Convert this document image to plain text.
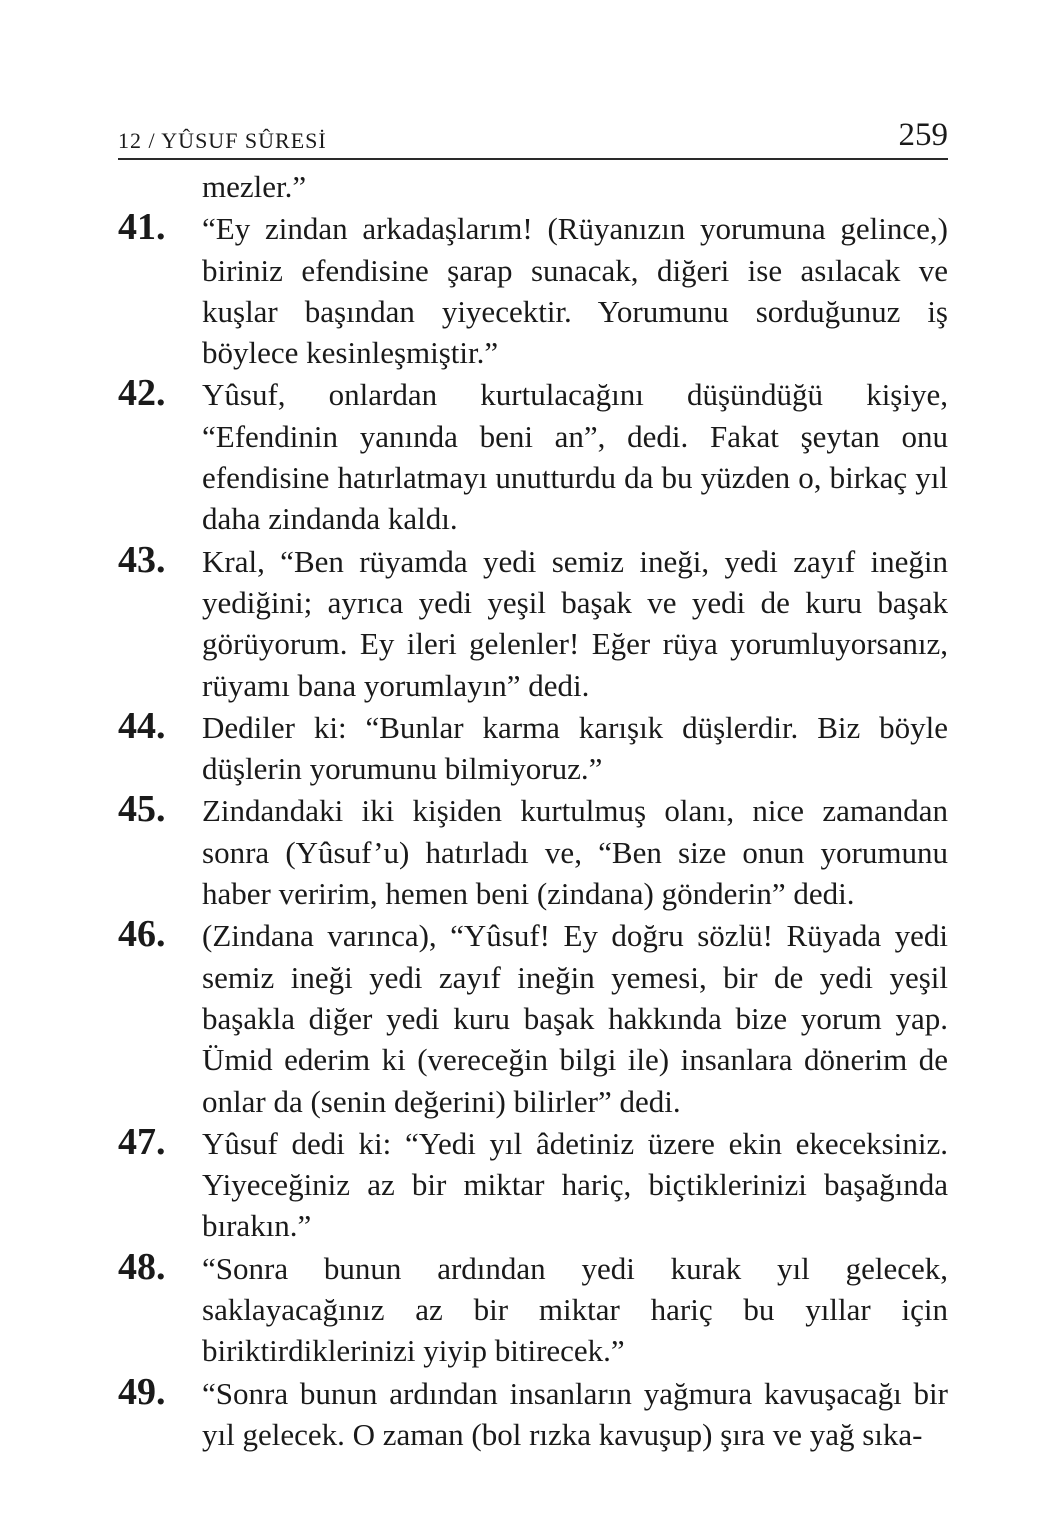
12 / YÛSUF SÛRESİ	259
mezler.”
41.	“Ey zindan arkadaşlarım! (Rüyanızın yorumuna gelince,) biriniz efendisine şarap sunacak, diğeri ise asılacak ve kuşlar başından yiyecektir. Yorumunu sorduğunuz iş böylece kesinleşmiştir.”
42.	Yûsuf, onlardan kurtulacağını düşündüğü kişiye, “Efendinin yanında beni an”, dedi. Fakat şeytan onu efendisine hatırlatmayı unutturdu da bu yüzden o, birkaç yıl daha zindanda kaldı.
43.	Kral, “Ben rüyamda yedi semiz ineği, yedi zayıf ineğin yediğini; ayrıca yedi yeşil başak ve yedi de kuru başak görüyorum. Ey ileri gelenler! Eğer rüya yorumluyorsanız, rüyamı bana yorumlayın” dedi.
44.	Dediler ki: “Bunlar karma karışık düşlerdir. Biz böyle düşlerin yorumunu bilmiyoruz.”
45.	Zindandaki iki kişiden kurtulmuş olanı, nice zamandan sonra (Yûsuf’u) hatırladı ve, “Ben size onun yorumunu haber veririm, hemen beni (zindana) gönderin” dedi.
46.	(Zindana varınca), “Yûsuf! Ey doğru sözlü! Rüyada yedi semiz ineği yedi zayıf ineğin yemesi, bir de yedi yeşil başakla diğer yedi kuru başak hakkında bize yorum yap. Ümid ederim ki (vereceğin bilgi ile) insanlara dönerim de onlar da (senin değerini) bilirler” dedi.
47.	Yûsuf dedi ki: “Yedi yıl âdetiniz üzere ekin ekeceksiniz. Yiyeceğiniz az bir miktar hariç, biçtiklerinizi başağında bırakın.”
48.	“Sonra bunun ardından yedi kurak yıl gelecek, saklayacağınız az bir miktar hariç bu yıllar için biriktirdiklerinizi yiyip bitirecek.”
49.	“Sonra bunun ardından insanların yağmura kavuşacağı bir yıl gelecek. O zaman (bol rızka kavuşup) şıra ve yağ sıka-
